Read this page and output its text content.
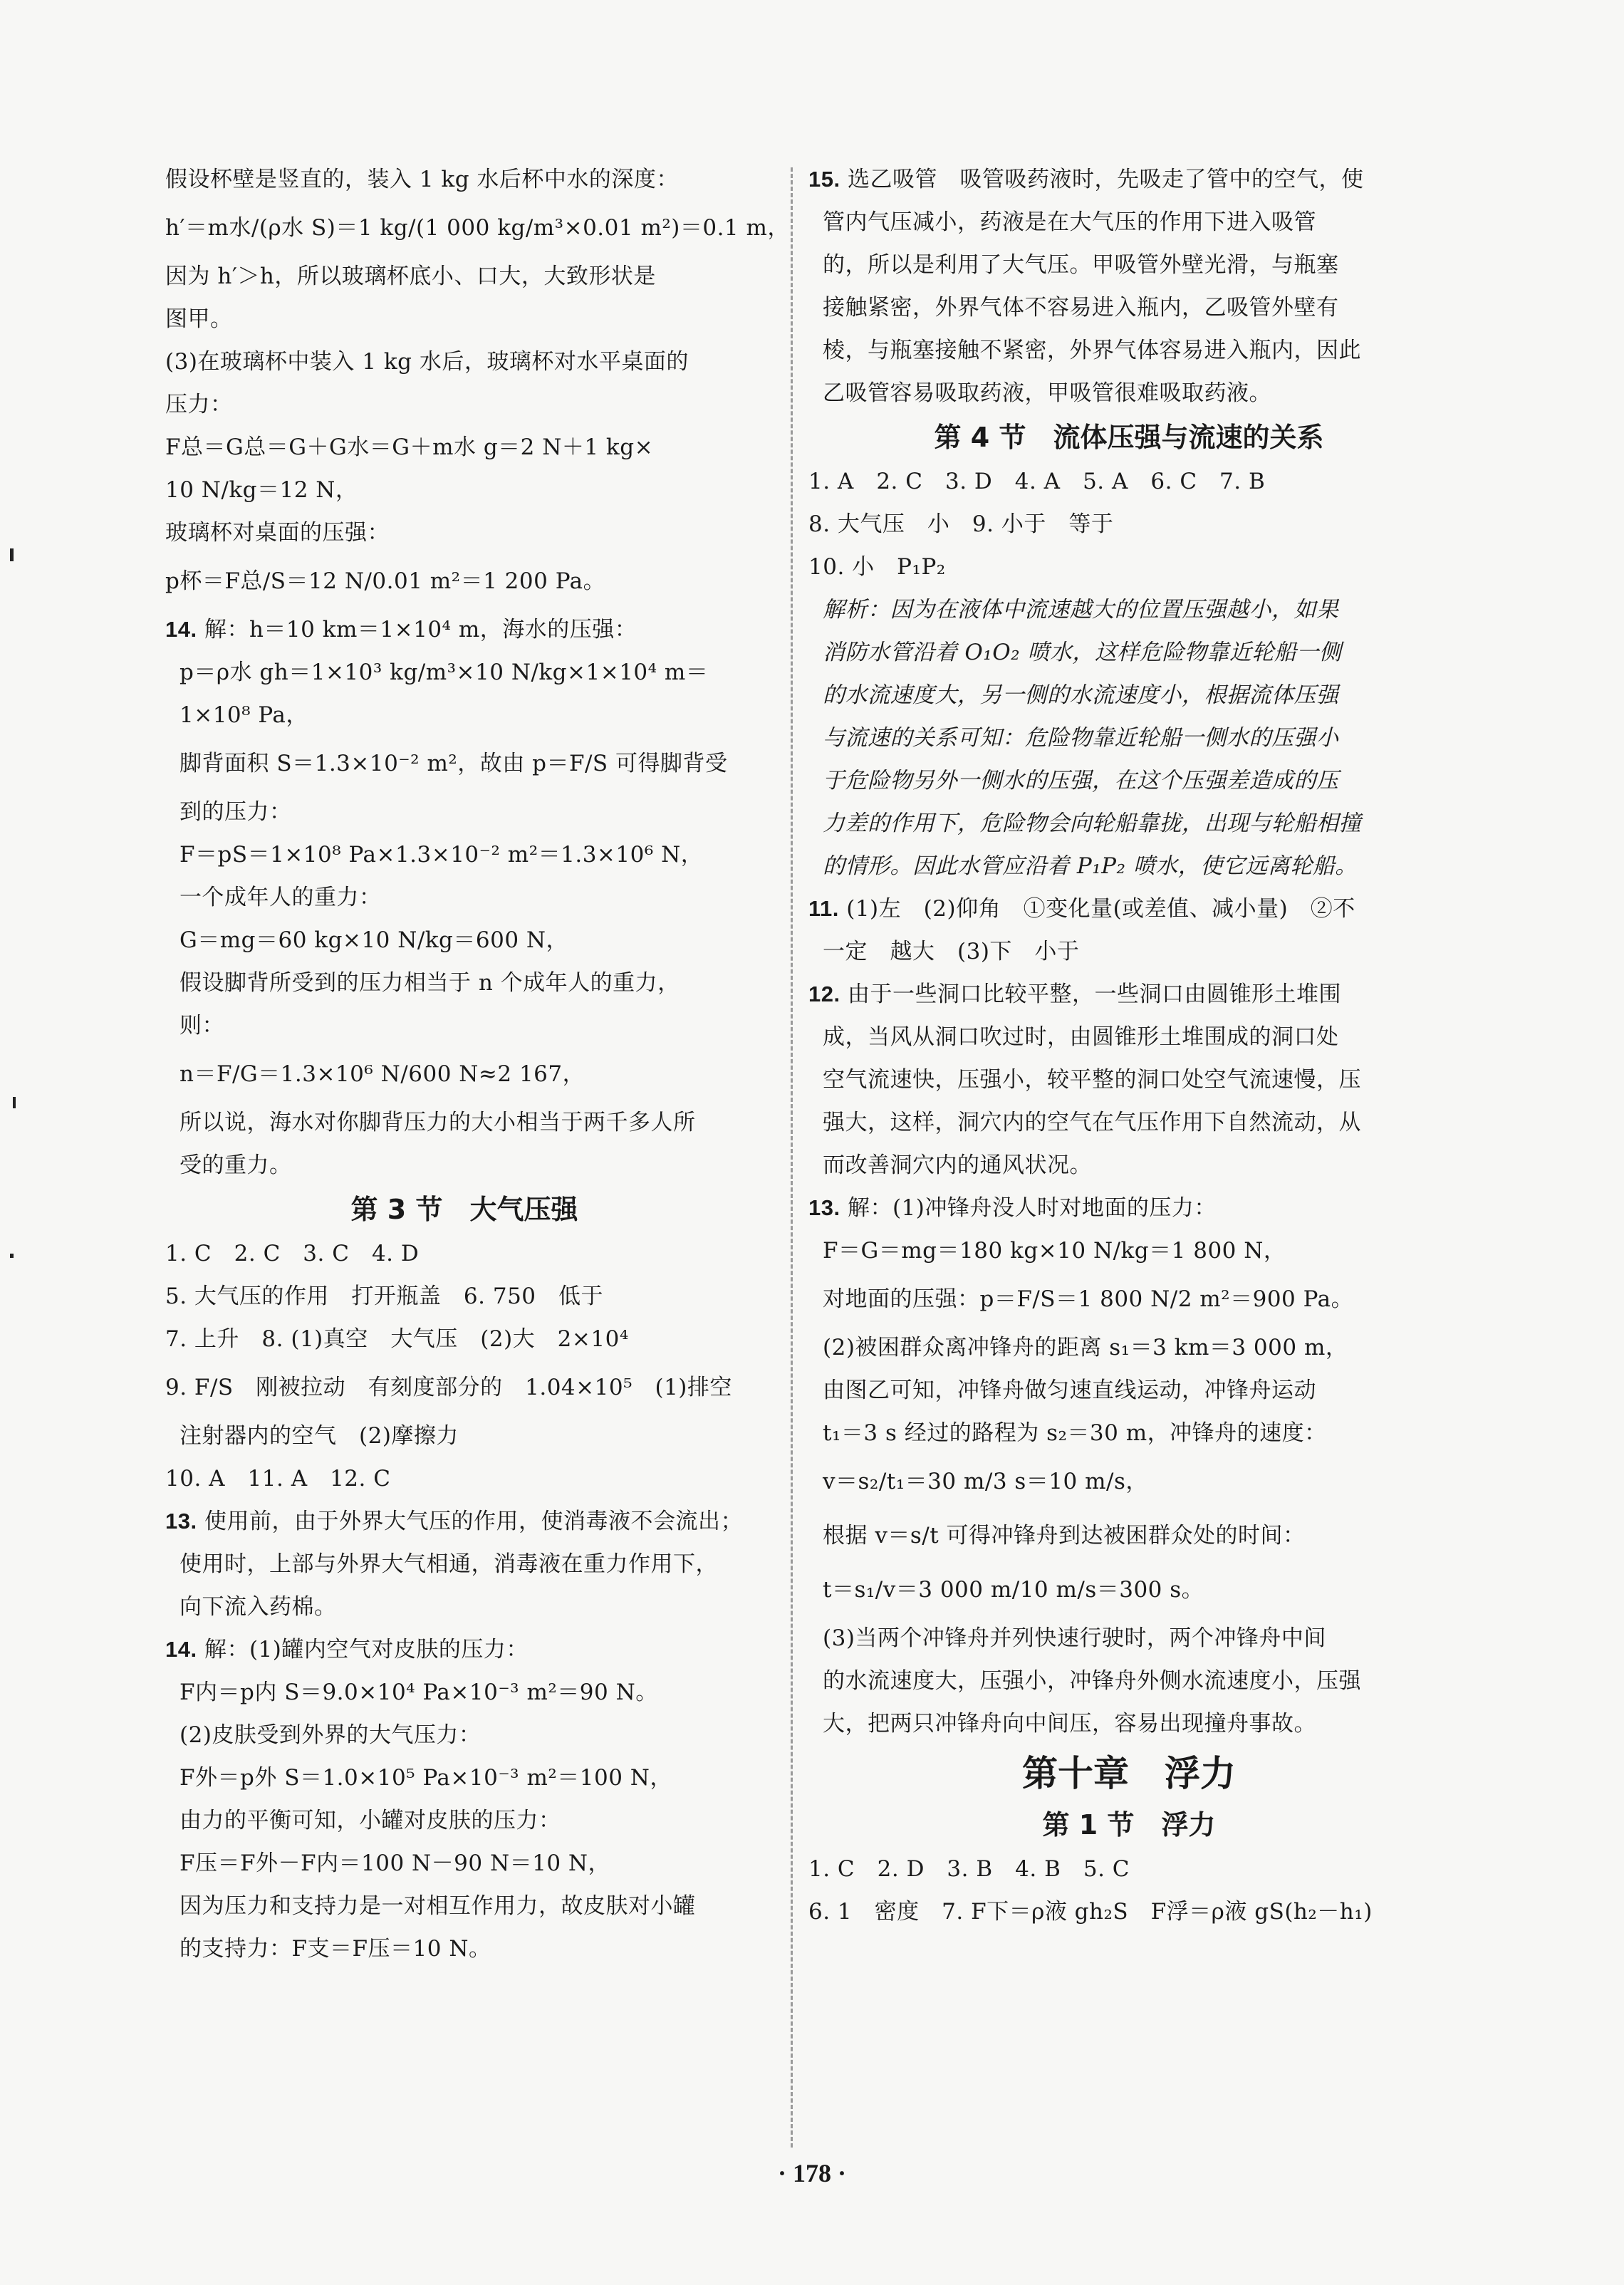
假设杯壁是竖直的，装入 1 kg 水后杯中水的深度：
h′＝m水/(ρ水 S)＝1 kg/(1 000 kg/m³×0.01 m²)＝0.1 m，
因为 h′＞h，所以玻璃杯底小、口大，大致形状是
图甲。
(3)在玻璃杯中装入 1 kg 水后，玻璃杯对水平桌面的
压力：
F总＝G总＝G＋G水＝G＋m水 g＝2 N＋1 kg×
10 N/kg＝12 N，
玻璃杯对桌面的压强：
p杯＝F总/S＝12 N/0.01 m²＝1 200 Pa。
14. 解：h＝10 km＝1×10⁴ m，海水的压强：
p＝ρ水 gh＝1×10³ kg/m³×10 N/kg×1×10⁴ m＝
1×10⁸ Pa，
脚背面积 S＝1.3×10⁻² m²，故由 p＝F/S 可得脚背受
到的压力：
F＝pS＝1×10⁸ Pa×1.3×10⁻² m²＝1.3×10⁶ N，
一个成年人的重力：
G＝mg＝60 kg×10 N/kg＝600 N，
假设脚背所受到的压力相当于 n 个成年人的重力，
则：
n＝F/G＝1.3×10⁶ N/600 N≈2 167，
所以说，海水对你脚背压力的大小相当于两千多人所
受的重力。
第 3 节　大气压强
1. C　2. C　3. C　4. D
5. 大气压的作用　打开瓶盖　6. 750　低于
7. 上升　8. (1)真空　大气压　(2)大　2×10⁴
9. F/S　刚被拉动　有刻度部分的　1.04×10⁵　(1)排空
注射器内的空气　(2)摩擦力
10. A　11. A　12. C
13. 使用前，由于外界大气压的作用，使消毒液不会流出；
使用时，上部与外界大气相通，消毒液在重力作用下，
向下流入药棉。
14. 解：(1)罐内空气对皮肤的压力：
F内＝p内 S＝9.0×10⁴ Pa×10⁻³ m²＝90 N。
(2)皮肤受到外界的大气压力：
F外＝p外 S＝1.0×10⁵ Pa×10⁻³ m²＝100 N，
由力的平衡可知，小罐对皮肤的压力：
F压＝F外－F内＝100 N－90 N＝10 N，
因为压力和支持力是一对相互作用力，故皮肤对小罐
的支持力：F支＝F压＝10 N。
15. 选乙吸管　吸管吸药液时，先吸走了管中的空气，使
管内气压减小，药液是在大气压的作用下进入吸管
的，所以是利用了大气压。甲吸管外壁光滑，与瓶塞
接触紧密，外界气体不容易进入瓶内，乙吸管外壁有
棱，与瓶塞接触不紧密，外界气体容易进入瓶内，因此
乙吸管容易吸取药液，甲吸管很难吸取药液。
第 4 节　流体压强与流速的关系
1. A　2. C　3. D　4. A　5. A　6. C　7. B
8. 大气压　小　9. 小于　等于
10. 小　P₁P₂
解析：因为在液体中流速越大的位置压强越小，如果
消防水管沿着 O₁O₂ 喷水，这样危险物靠近轮船一侧
的水流速度大，另一侧的水流速度小，根据流体压强
与流速的关系可知：危险物靠近轮船一侧水的压强小
于危险物另外一侧水的压强，在这个压强差造成的压
力差的作用下，危险物会向轮船靠拢，出现与轮船相撞
的情形。因此水管应沿着 P₁P₂ 喷水，使它远离轮船。
11. (1)左　(2)仰角　①变化量(或差值、减小量)　②不
一定　越大　(3)下　小于
12. 由于一些洞口比较平整，一些洞口由圆锥形土堆围
成，当风从洞口吹过时，由圆锥形土堆围成的洞口处
空气流速快，压强小，较平整的洞口处空气流速慢，压
强大，这样，洞穴内的空气在气压作用下自然流动，从
而改善洞穴内的通风状况。
13. 解：(1)冲锋舟没人时对地面的压力：
F＝G＝mg＝180 kg×10 N/kg＝1 800 N，
对地面的压强：p＝F/S＝1 800 N/2 m²＝900 Pa。
(2)被困群众离冲锋舟的距离 s₁＝3 km＝3 000 m，
由图乙可知，冲锋舟做匀速直线运动，冲锋舟运动
t₁＝3 s 经过的路程为 s₂＝30 m，冲锋舟的速度：
v＝s₂/t₁＝30 m/3 s＝10 m/s，
根据 v＝s/t 可得冲锋舟到达被困群众处的时间：
t＝s₁/v＝3 000 m/10 m/s＝300 s。
(3)当两个冲锋舟并列快速行驶时，两个冲锋舟中间
的水流速度大，压强小，冲锋舟外侧水流速度小，压强
大，把两只冲锋舟向中间压，容易出现撞舟事故。
第十章　浮力
第 1 节　浮力
1. C　2. D　3. B　4. B　5. C
6. 1　密度　7. F下＝ρ液 gh₂S　F浮＝ρ液 gS(h₂－h₁)
· 178 ·
